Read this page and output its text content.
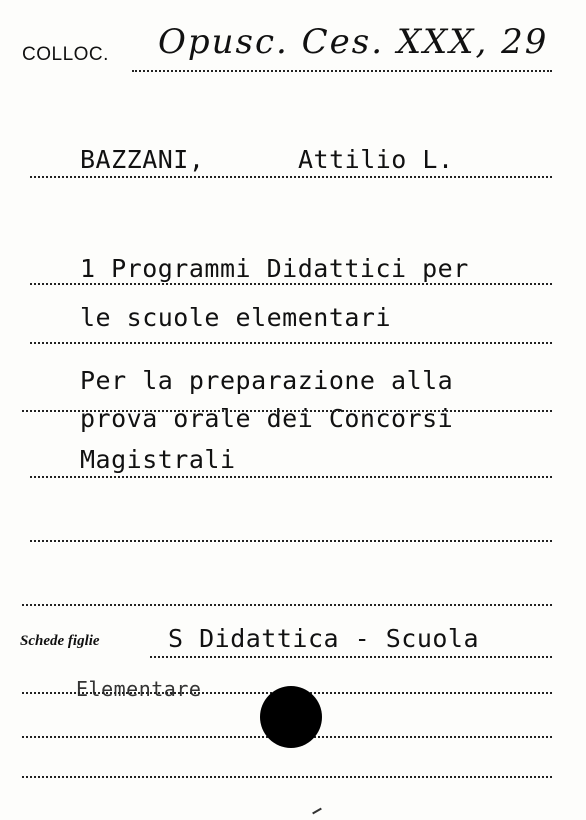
COLLOC. Opusc. Ces. XXX, 29
BAZZANI,	Attilio L.
1 Programmi Didattici per
le scuole elementari
Per la preparazione alla
prova orale dei Concorsi
Magistrali
Schede figlie	S Didattica - Scuola
Elementare
